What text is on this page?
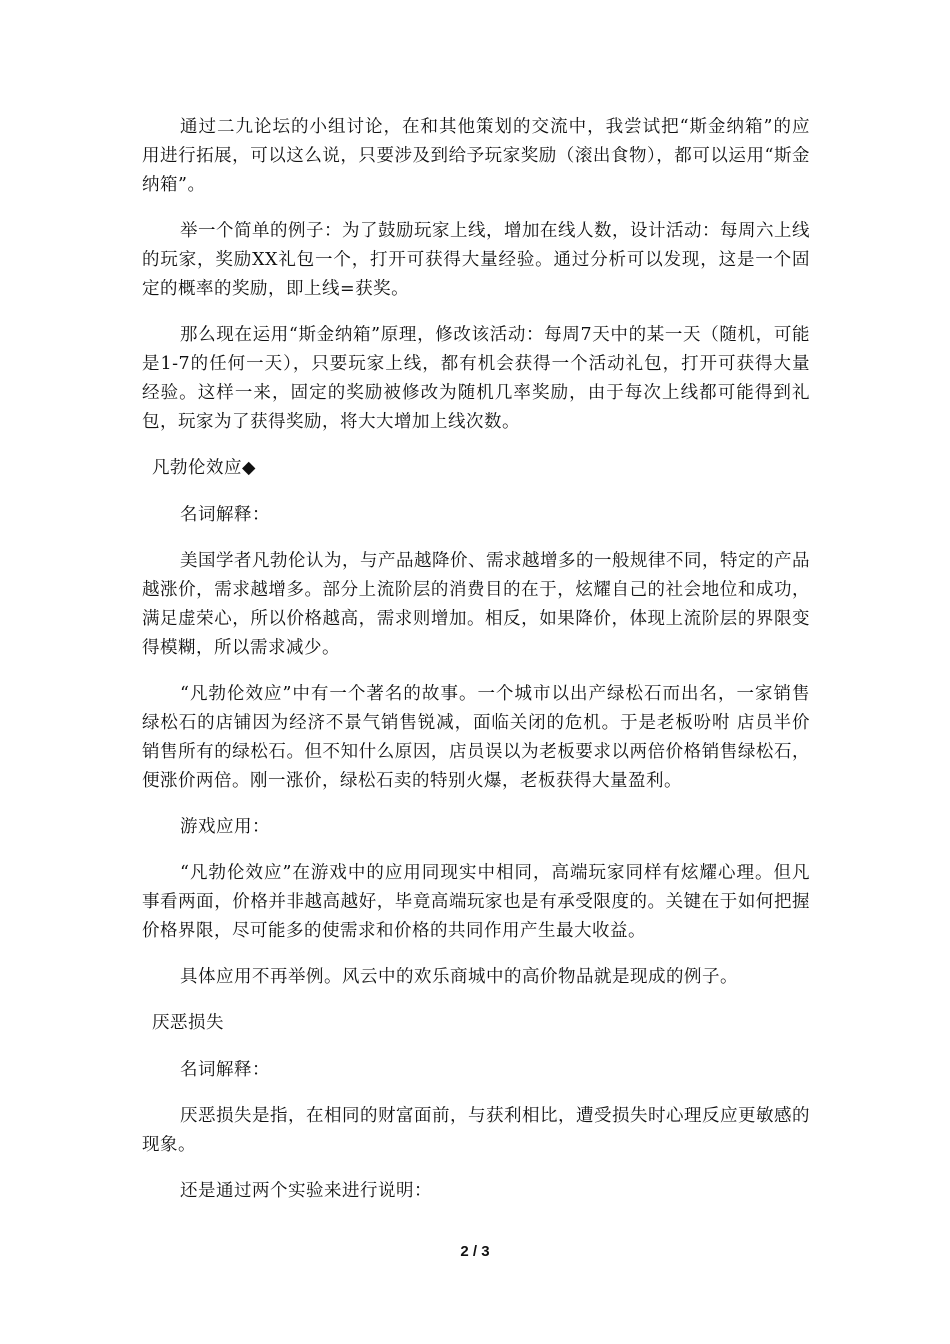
通过二九论坛的小组讨论，在和其他策划的交流中，我尝试把“斯金纳箱”的应用进行拓展，可以这么说，只要涉及到给予玩家奖励（滚出食物），都可以运用“斯金纳箱”。

举一个简单的例子：为了鼓励玩家上线，增加在线人数，设计活动：每周六上线的玩家，奖励XX礼包一个，打开可获得大量经验。通过分析可以发现，这是一个固定的概率的奖励，即上线=获奖。

那么现在运用“斯金纳箱”原理，修改该活动：每周7天中的某一天（随机，可能是1-7的任何一天），只要玩家上线，都有机会获得一个活动礼包，打开可获得大量经验。这样一来，固定的奖励被修改为随机几率奖励，由于每次上线都可能得到礼包，玩家为了获得奖励，将大大增加上线次数。

凡勃伦效应◆

名词解释：

美国学者凡勃伦认为，与产品越降价、需求越增多的一般规律不同，特定的产品越涨价，需求越增多。部分上流阶层的消费目的在于，炫耀自己的社会地位和成功，满足虚荣心，所以价格越高，需求则增加。相反，如果降价，体现上流阶层的界限变得模糊，所以需求减少。

“凡勃伦效应”中有一个著名的故事。一个城市以出产绿松石而出名，一家销售绿松石的店铺因为经济不景气销售锐减，面临关闭的危机。于是老板吩咐 店员半价销售所有的绿松石。但不知什么原因，店员误以为老板要求以两倍价格销售绿松石，便涨价两倍。刚一涨价，绿松石卖的特别火爆，老板获得大量盈利。

游戏应用：

“凡勃伦效应”在游戏中的应用同现实中相同，高端玩家同样有炫耀心理。但凡事看两面，价格并非越高越好，毕竟高端玩家也是有承受限度的。关键在于如何把握价格界限，尽可能多的使需求和价格的共同作用产生最大收益。

具体应用不再举例。风云中的欢乐商城中的高价物品就是现成的例子。

厌恶损失

名词解释：

厌恶损失是指，在相同的财富面前，与获利相比，遭受损失时心理反应更敏感的现象。

还是通过两个实验来进行说明：

2 / 3
